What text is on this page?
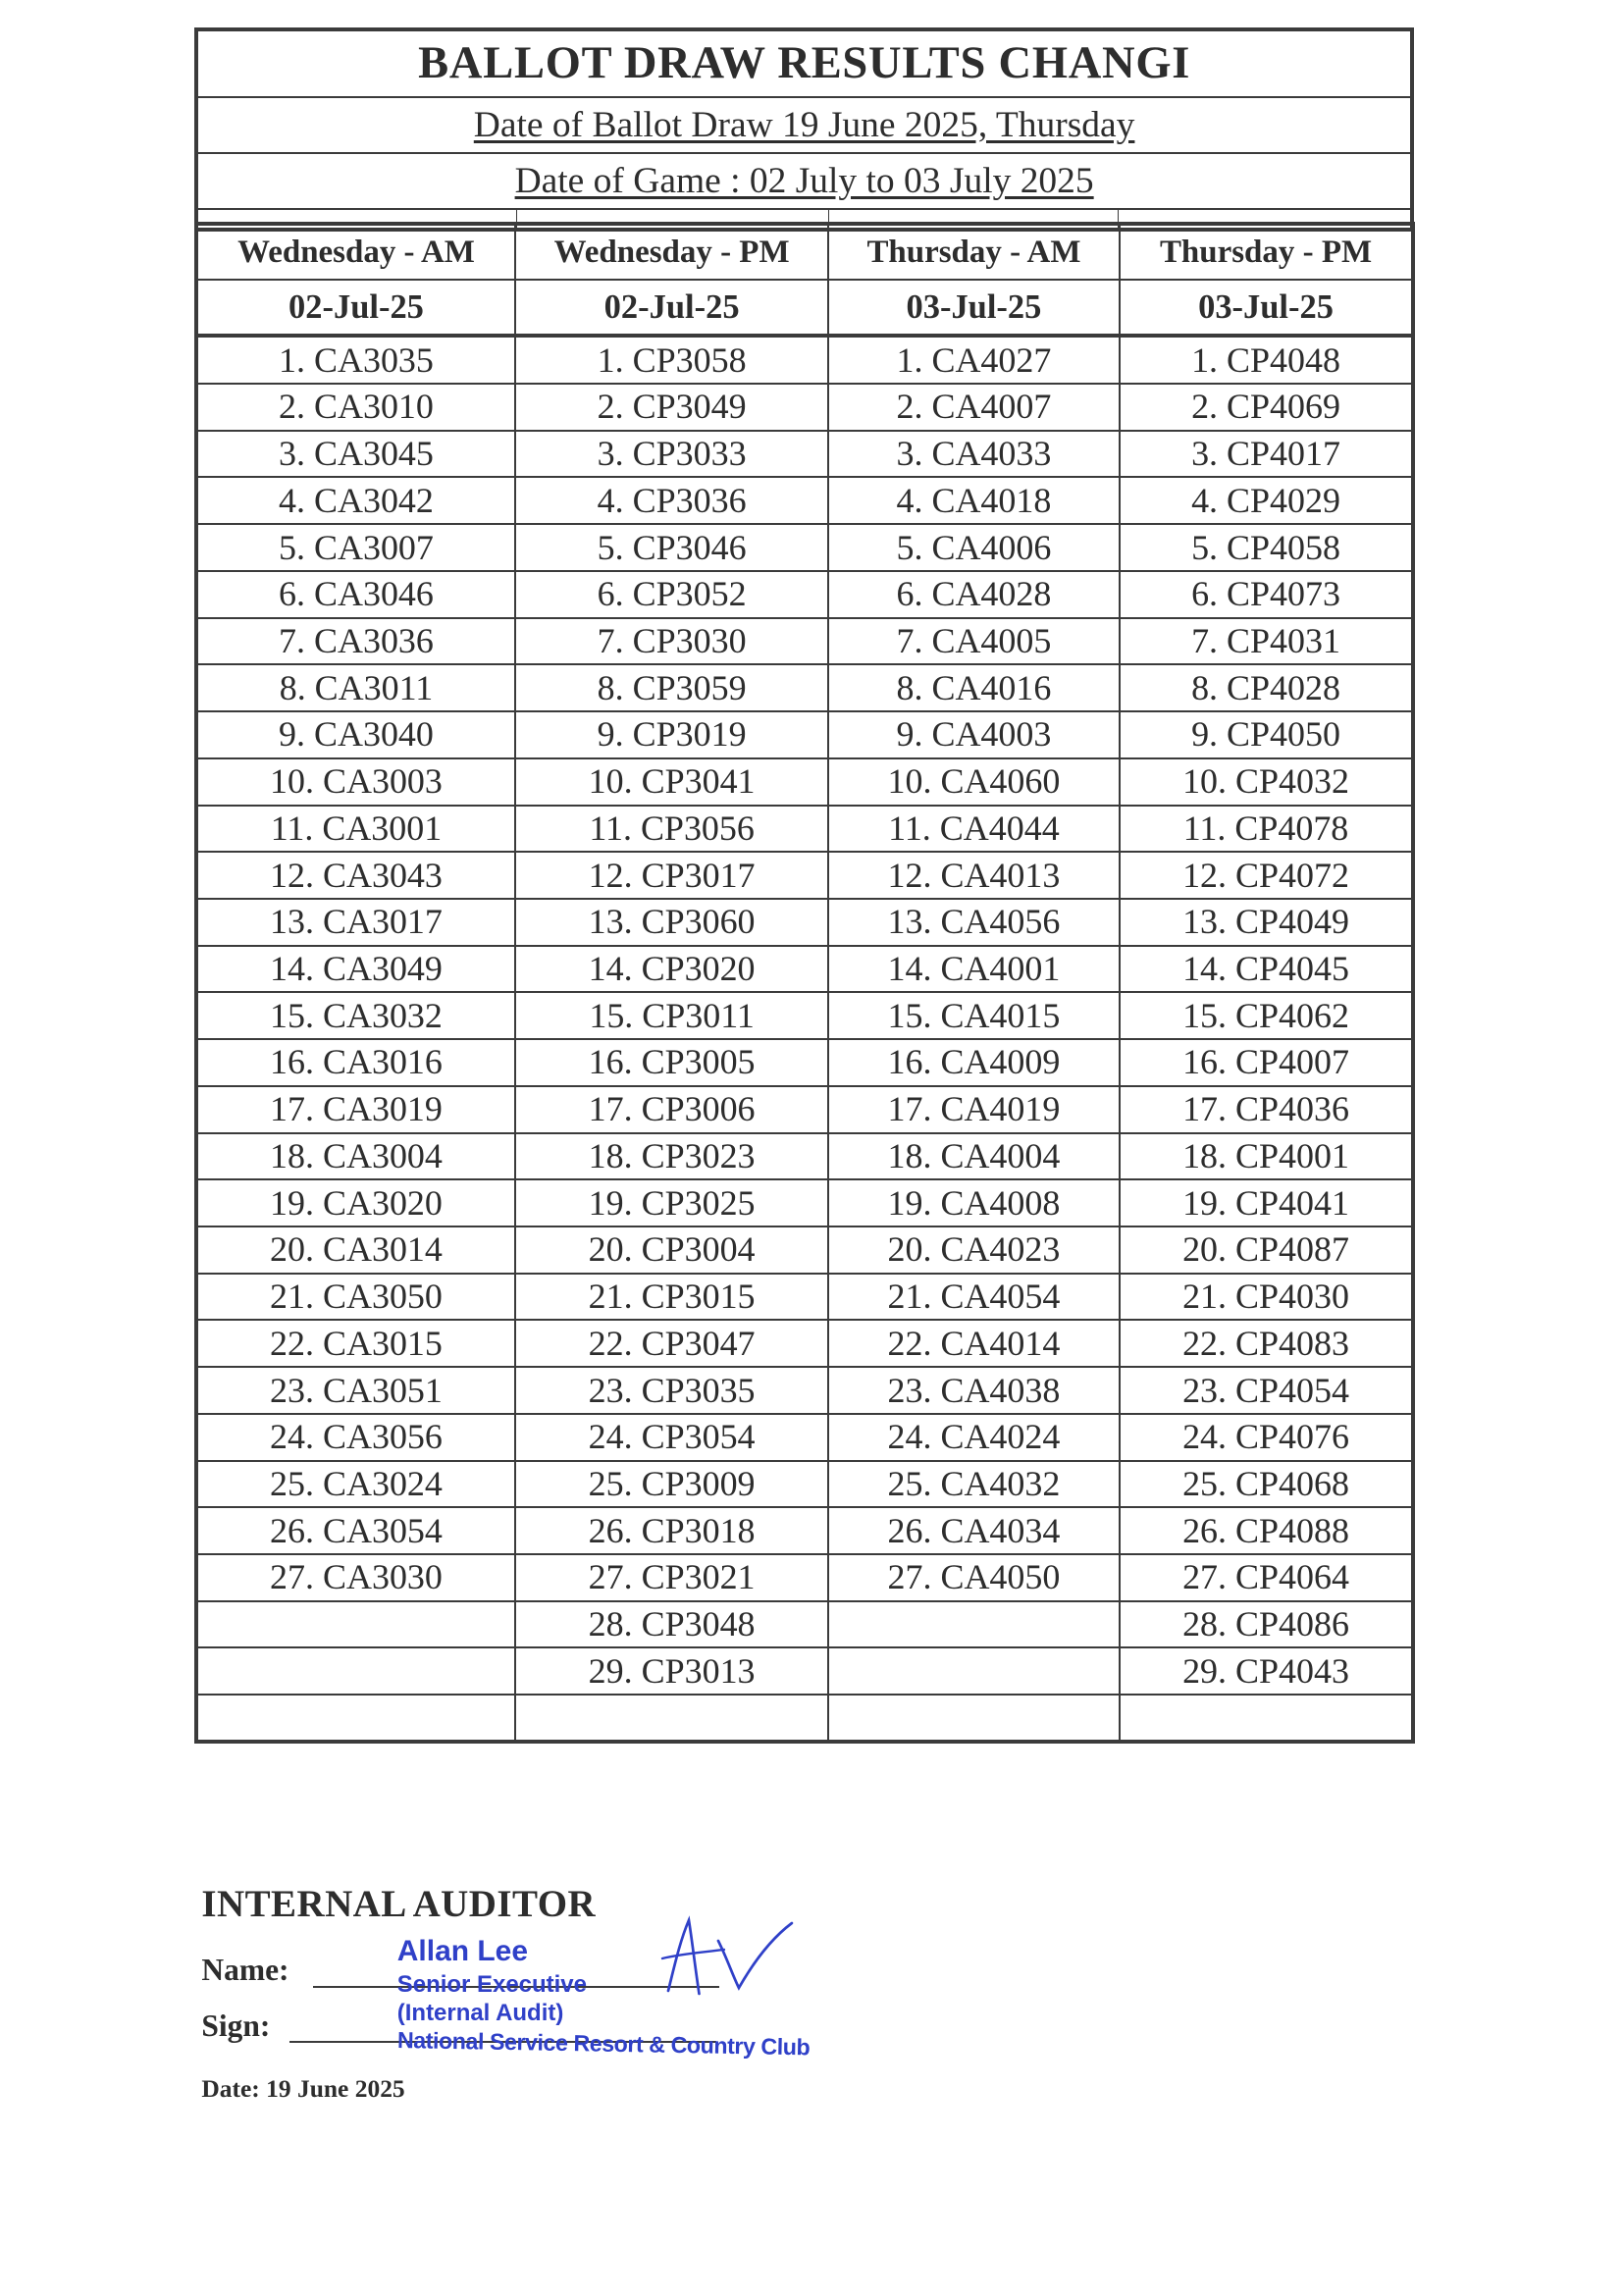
BALLOT DRAW RESULTS CHANGI
Date of Ballot Draw 19 June 2025, Thursday
Date of Game : 02 July to 03 July 2025
Wednesday - AM	Wednesday - PM	Thursday - AM	Thursday - PM
02-Jul-25	02-Jul-25	03-Jul-25	03-Jul-25
1. CA3035	1. CP3058	1. CA4027	1. CP4048
2. CA3010	2. CP3049	2. CA4007	2. CP4069
3. CA3045	3. CP3033	3. CA4033	3. CP4017
4. CA3042	4. CP3036	4. CA4018	4. CP4029
5. CA3007	5. CP3046	5. CA4006	5. CP4058
6. CA3046	6. CP3052	6. CA4028	6. CP4073
7. CA3036	7. CP3030	7. CA4005	7. CP4031
8. CA3011	8. CP3059	8. CA4016	8. CP4028
9. CA3040	9. CP3019	9. CA4003	9. CP4050
10. CA3003	10. CP3041	10. CA4060	10. CP4032
11. CA3001	11. CP3056	11. CA4044	11. CP4078
12. CA3043	12. CP3017	12. CA4013	12. CP4072
13. CA3017	13. CP3060	13. CA4056	13. CP4049
14. CA3049	14. CP3020	14. CA4001	14. CP4045
15. CA3032	15. CP3011	15. CA4015	15. CP4062
16. CA3016	16. CP3005	16. CA4009	16. CP4007
17. CA3019	17. CP3006	17. CA4019	17. CP4036
18. CA3004	18. CP3023	18. CA4004	18. CP4001
19. CA3020	19. CP3025	19. CA4008	19. CP4041
20. CA3014	20. CP3004	20. CA4023	20. CP4087
21. CA3050	21. CP3015	21. CA4054	21. CP4030
22. CA3015	22. CP3047	22. CA4014	22. CP4083
23. CA3051	23. CP3035	23. CA4038	23. CP4054
24. CA3056	24. CP3054	24. CA4024	24. CP4076
25. CA3024	25. CP3009	25. CA4032	25. CP4068
26. CA3054	26. CP3018	26. CA4034	26. CP4088
27. CA3030	27. CP3021	27. CA4050	27. CP4064
	28. CP3048		28. CP4086
	29. CP3013		29. CP4043

INTERNAL AUDITOR
Name:
Sign:
Date: 19 June 2025
Allan Lee
Senior Executive
(Internal Audit)
National Service Resort & Country Club
